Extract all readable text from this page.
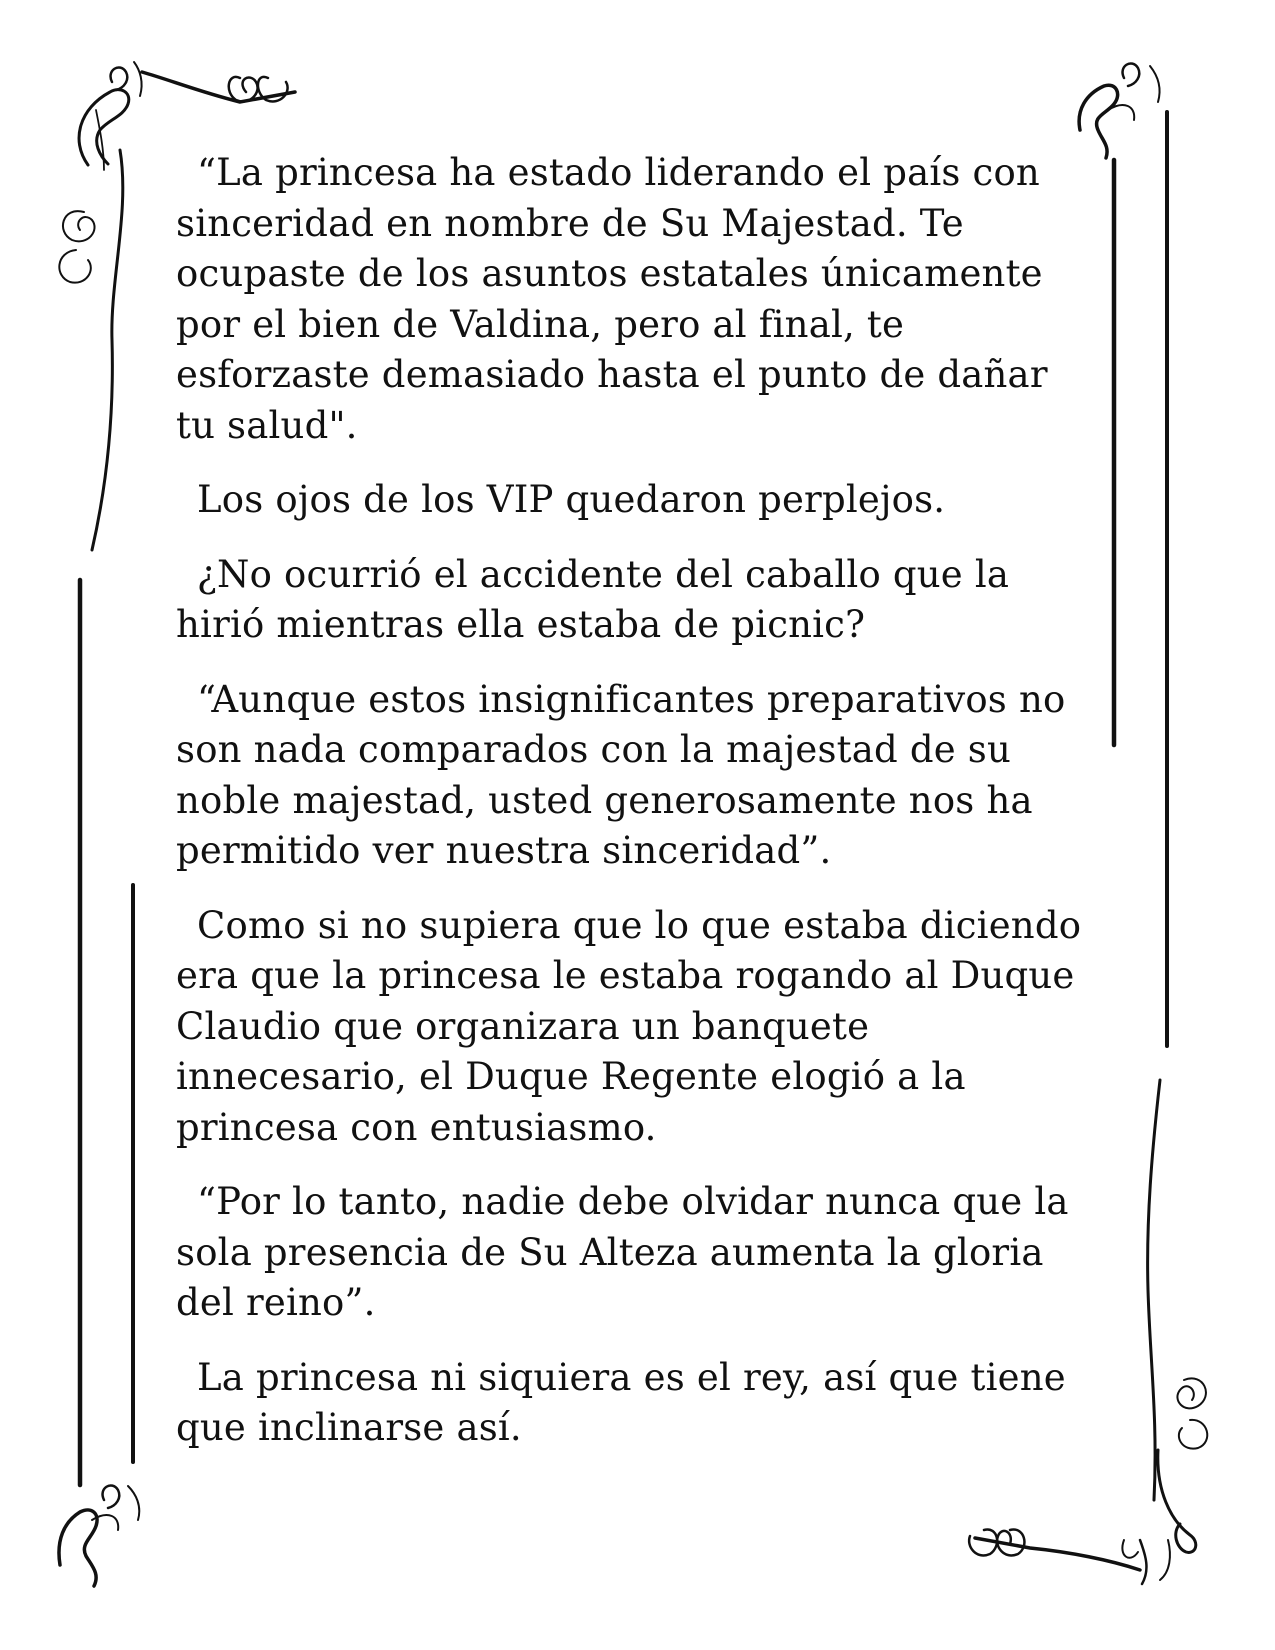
“La princesa ha estado liderando el país con sinceridad en nombre de Su Majestad. Te ocupaste de los asuntos estatales únicamente por el bien de Valdina, pero al final, te esforzaste demasiado hasta el punto de dañar tu salud".

Los ojos de los VIP quedaron perplejos.

¿No ocurrió el accidente del caballo que la hirió mientras ella estaba de picnic?

“Aunque estos insignificantes preparativos no son nada comparados con la majestad de su noble majestad, usted generosamente nos ha permitido ver nuestra sinceridad”.

Como si no supiera que lo que estaba diciendo era que la princesa le estaba rogando al Duque Claudio que organizara un banquete innecesario, el Duque Regente elogió a la princesa con entusiasmo.

“Por lo tanto, nadie debe olvidar nunca que la sola presencia de Su Alteza aumenta la gloria del reino”.

La princesa ni siquiera es el rey, así que tiene que inclinarse así.
